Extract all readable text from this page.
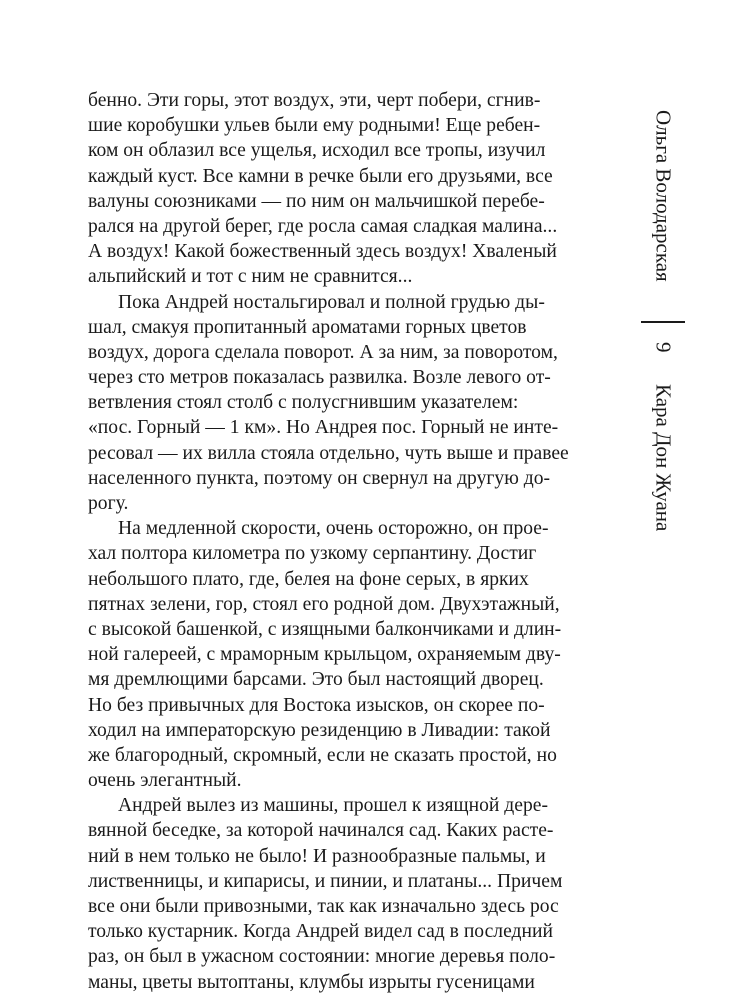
бенно. Эти горы, этот воздух, эти, черт побери, сгнив-
шие коробушки ульев были ему родными! Еще ребен-
ком он облазил все ущелья, исходил все тропы, изучил
каждый куст. Все камни в речке были его друзьями, все
валуны союзниками — по ним он мальчишкой перебе-
рался на другой берег, где росла самая сладкая малина...
А воздух! Какой божественный здесь воздух! Хваленый
альпийский и тот с ним не сравнится...
Пока Андрей ностальгировал и полной грудью ды-
шал, смакуя пропитанный ароматами горных цветов
воздух, дорога сделала поворот. А за ним, за поворотом,
через сто метров показалась развилка. Возле левого от-
ветвления стоял столб с полусгнившим указателем:
«пос. Горный — 1 км». Но Андрея пос. Горный не инте-
ресовал — их вилла стояла отдельно, чуть выше и правее
населенного пункта, поэтому он свернул на другую до-
рогу.
На медленной скорости, очень осторожно, он прое-
хал полтора километра по узкому серпантину. Достиг
небольшого плато, где, белея на фоне серых, в ярких
пятнах зелени, гор, стоял его родной дом. Двухэтажный,
с высокой башенкой, с изящными балкончиками и длин-
ной галереей, с мраморным крыльцом, охраняемым дву-
мя дремлющими барсами. Это был настоящий дворец.
Но без привычных для Востока изысков, он скорее по-
ходил на императорскую резиденцию в Ливадии: такой
же благородный, скромный, если не сказать простой, но
очень элегантный.
Андрей вылез из машины, прошел к изящной дере-
вянной беседке, за которой начинался сад. Каких расте-
ний в нем только не было! И разнообразные пальмы, и
лиственницы, и кипарисы, и пинии, и платаны... Причем
все они были привозными, так как изначально здесь рос
только кустарник. Когда Андрей видел сад в последний
раз, он был в ужасном состоянии: многие деревья поло-
маны, цветы вытоптаны, клумбы изрыты гусеницами
Ольга Володарская
9
Кара Дон Жуана
